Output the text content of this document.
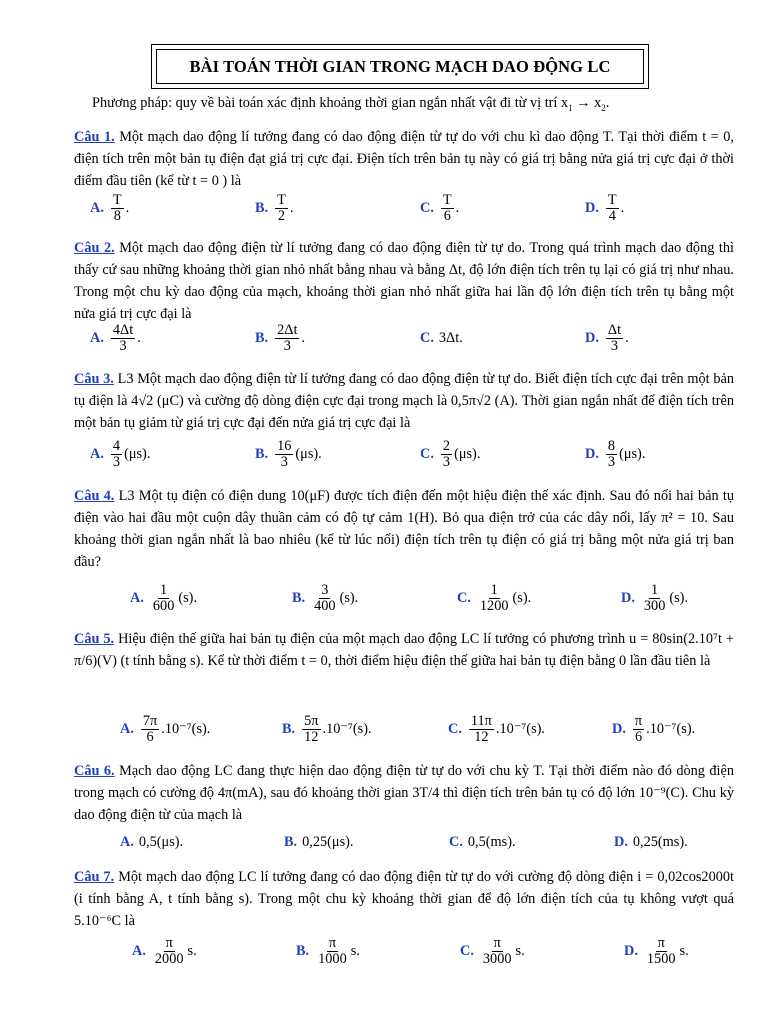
BÀI TOÁN THỜI GIAN TRONG MẠCH DAO ĐỘNG LC
Phương pháp: quy về bài toán xác định khoảng thời gian ngắn nhất vật đi từ vị trí $x_1 \to x_2$.
Câu 1. Một mạch dao động lí tưởng đang có dao động điện từ tự do với chu kì dao động T. Tại thời điểm t = 0, điện tích trên một bản tụ điện đạt giá trị cực đại. Điện tích trên bản tụ này có giá trị bằng nửa giá trị cực đại ở thời điểm đầu tiên (kể từ t = 0 ) là
A. $\frac{T}{8}$ .	B. $\frac{T}{2}$ .	C. $\frac{T}{6}$ .	D. $\frac{T}{4}$ .
Câu 2. Một mạch dao động điện từ lí tưởng đang có dao động điện từ tự do. Trong quá trình mạch dao động thì thấy cứ sau những khoảng thời gian nhỏ nhất bằng nhau và bằng Δt, độ lớn điện tích trên tụ lại có giá trị như nhau. Trong một chu kỳ dao động của mạch, khoảng thời gian nhỏ nhất giữa hai lần độ lớn điện tích trên tụ bằng một nửa giá trị cực đại là
A. $\frac{4\Delta t}{3}$ .	B. $\frac{2\Delta t}{3}$ .	C. 3Δt.	D. $\frac{\Delta t}{3}$ .
Câu 3. L3 Một mạch dao động điện từ lí tưởng đang có dao động điện từ tự do. Biết điện tích cực đại trên một bản tụ điện là 4√2 (μC) và cường độ dòng điện cực đại trong mạch là 0,5π√2 (A). Thời gian ngắn nhất để điện tích trên một bản tụ giảm từ giá trị cực đại đến nửa giá trị cực đại là
A. $\frac{4}{3} (\mu s)$.	B. $\frac{16}{3} (\mu s)$.	C. $\frac{2}{3} (\mu s)$.	D. $\frac{8}{3} (\mu s)$.
Câu 4. L3 Một tụ điện có điện dung 10(μF) được tích điện đến một hiệu điện thế xác định. Sau đó nối hai bản tụ điện vào hai đầu một cuộn dây thuần cảm có độ tự cảm 1(H). Bỏ qua điện trở của các dây nối, lấy π² = 10. Sau khoảng thời gian ngắn nhất là bao nhiêu (kể từ lúc nối) điện tích trên tụ điện có giá trị bằng một nửa giá trị ban đầu?
A. $\frac{1}{600} (s)$.	B. $\frac{3}{400} (s)$.	C. $\frac{1}{1200} (s)$.	D. $\frac{1}{300} (s)$.
Câu 5. Hiệu điện thế giữa hai bản tụ điện của một mạch dao động LC lí tưởng có phương trình u = 80sin(2.10⁷t + π/6)(V) (t tính bằng s). Kể từ thời điểm t = 0, thời điểm hiệu điện thế giữa hai bản tụ điện bằng 0 lần đầu tiên là
A. $\frac{7\pi}{6} .10^{-7}(s)$.	B. $\frac{5\pi}{12} .10^{-7}(s)$.	C. $\frac{11\pi}{12} .10^{-7}(s)$.	D. $\frac{\pi}{6} .10^{-7}(s)$.
Câu 6. Mạch dao động LC đang thực hiện dao động điện từ tự do với chu kỳ T. Tại thời điểm nào đó dòng điện trong mạch có cường độ 4π(mA), sau đó khoảng thời gian 3T/4 thì điện tích trên bản tụ có độ lớn 10⁻⁹(C). Chu kỳ dao động điện từ của mạch là
A. 0,5(μs).	B. 0,25(μs).	C. 0,5(ms).	D. 0,25(ms).
Câu 7. Một mạch dao động LC lí tưởng đang có dao động điện từ tự do với cường độ dòng điện i = 0,02cos2000t (i tính bằng A, t tính bằng s). Trong một chu kỳ khoảng thời gian để độ lớn điện tích của tụ không vượt quá 5.10⁻⁶C là
A. $\frac{\pi}{2000} s$.	B. $\frac{\pi}{1000} s$.	C. $\frac{\pi}{3000} s$.	D. $\frac{\pi}{1500} s$.
